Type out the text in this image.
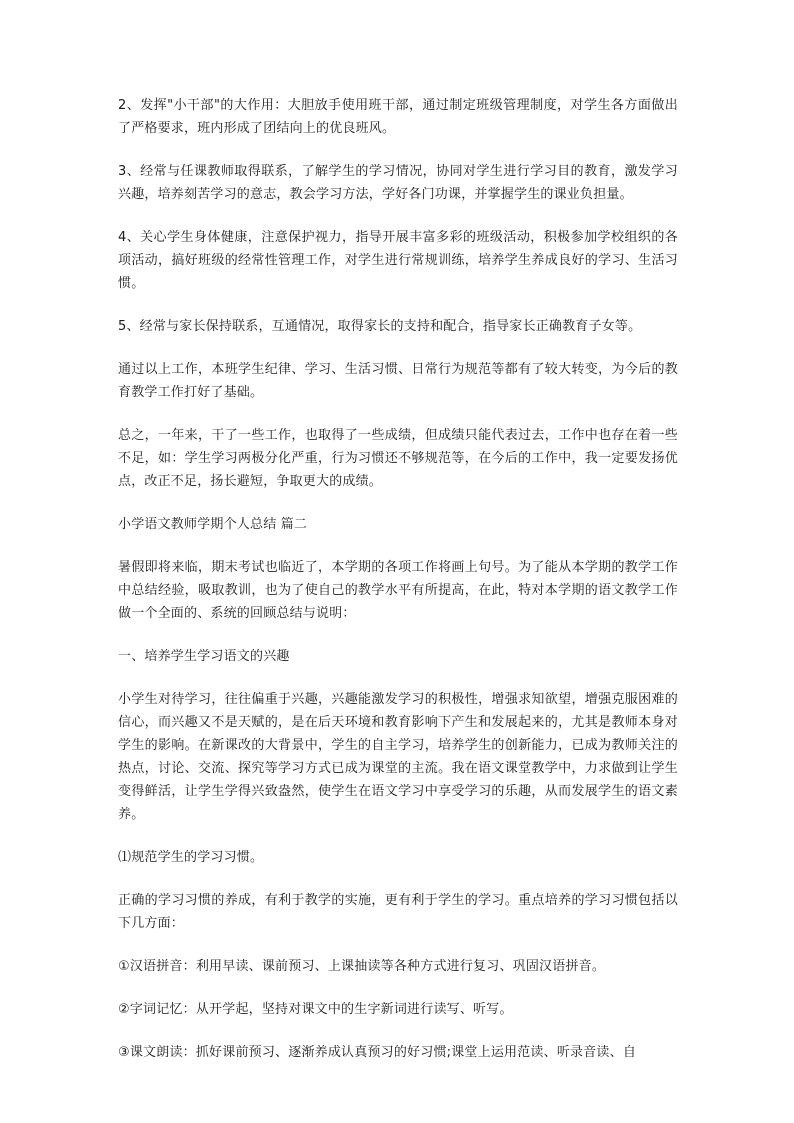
2、发挥"小干部"的大作用：大胆放手使用班干部，通过制定班级管理制度，对学生各方面做出了严格要求，班内形成了团结向上的优良班风。

3、经常与任课教师取得联系，了解学生的学习情况，协同对学生进行学习目的教育，激发学习兴趣，培养刻苦学习的意志，教会学习方法，学好各门功课，并掌握学生的课业负担量。

4、关心学生身体健康，注意保护视力，指导开展丰富多彩的班级活动，积极参加学校组织的各项活动，搞好班级的经常性管理工作，对学生进行常规训练，培养学生养成良好的学习、生活习惯。

5、经常与家长保持联系，互通情况，取得家长的支持和配合，指导家长正确教育子女等。

通过以上工作，本班学生纪律、学习、生活习惯、日常行为规范等都有了较大转变，为今后的教育教学工作打好了基础。

总之，一年来，干了一些工作，也取得了一些成绩，但成绩只能代表过去，工作中也存在着一些不足，如：学生学习两极分化严重，行为习惯还不够规范等，在今后的工作中，我一定要发扬优点，改正不足，扬长避短，争取更大的成绩。

小学语文教师学期个人总结 篇二

暑假即将来临，期末考试也临近了，本学期的各项工作将画上句号。为了能从本学期的教学工作中总结经验，吸取教训，也为了使自己的教学水平有所提高，在此，特对本学期的语文教学工作做一个全面的、系统的回顾总结与说明：

一、培养学生学习语文的兴趣

小学生对待学习，往往偏重于兴趣，兴趣能激发学习的积极性，增强求知欲望，增强克服困难的信心，而兴趣又不是天赋的，是在后天环境和教育影响下产生和发展起来的，尤其是教师本身对学生的影响。在新课改的大背景中，学生的自主学习，培养学生的创新能力，已成为教师关注的热点，讨论、交流、探究等学习方式已成为课堂的主流。我在语文课堂教学中，力求做到让学生变得鲜活，让学生学得兴致盎然，使学生在语文学习中享受学习的乐趣，从而发展学生的语文素养。

⑴规范学生的学习习惯。

正确的学习习惯的养成，有利于教学的实施，更有利于学生的学习。重点培养的学习习惯包括以下几方面：

①汉语拼音：利用早读、课前预习、上课抽读等各种方式进行复习、巩固汉语拼音。

②字词记忆：从开学起，坚持对课文中的生字新词进行读写、听写。

③课文朗读：抓好课前预习、逐渐养成认真预习的好习惯;课堂上运用范读、听录音读、自
